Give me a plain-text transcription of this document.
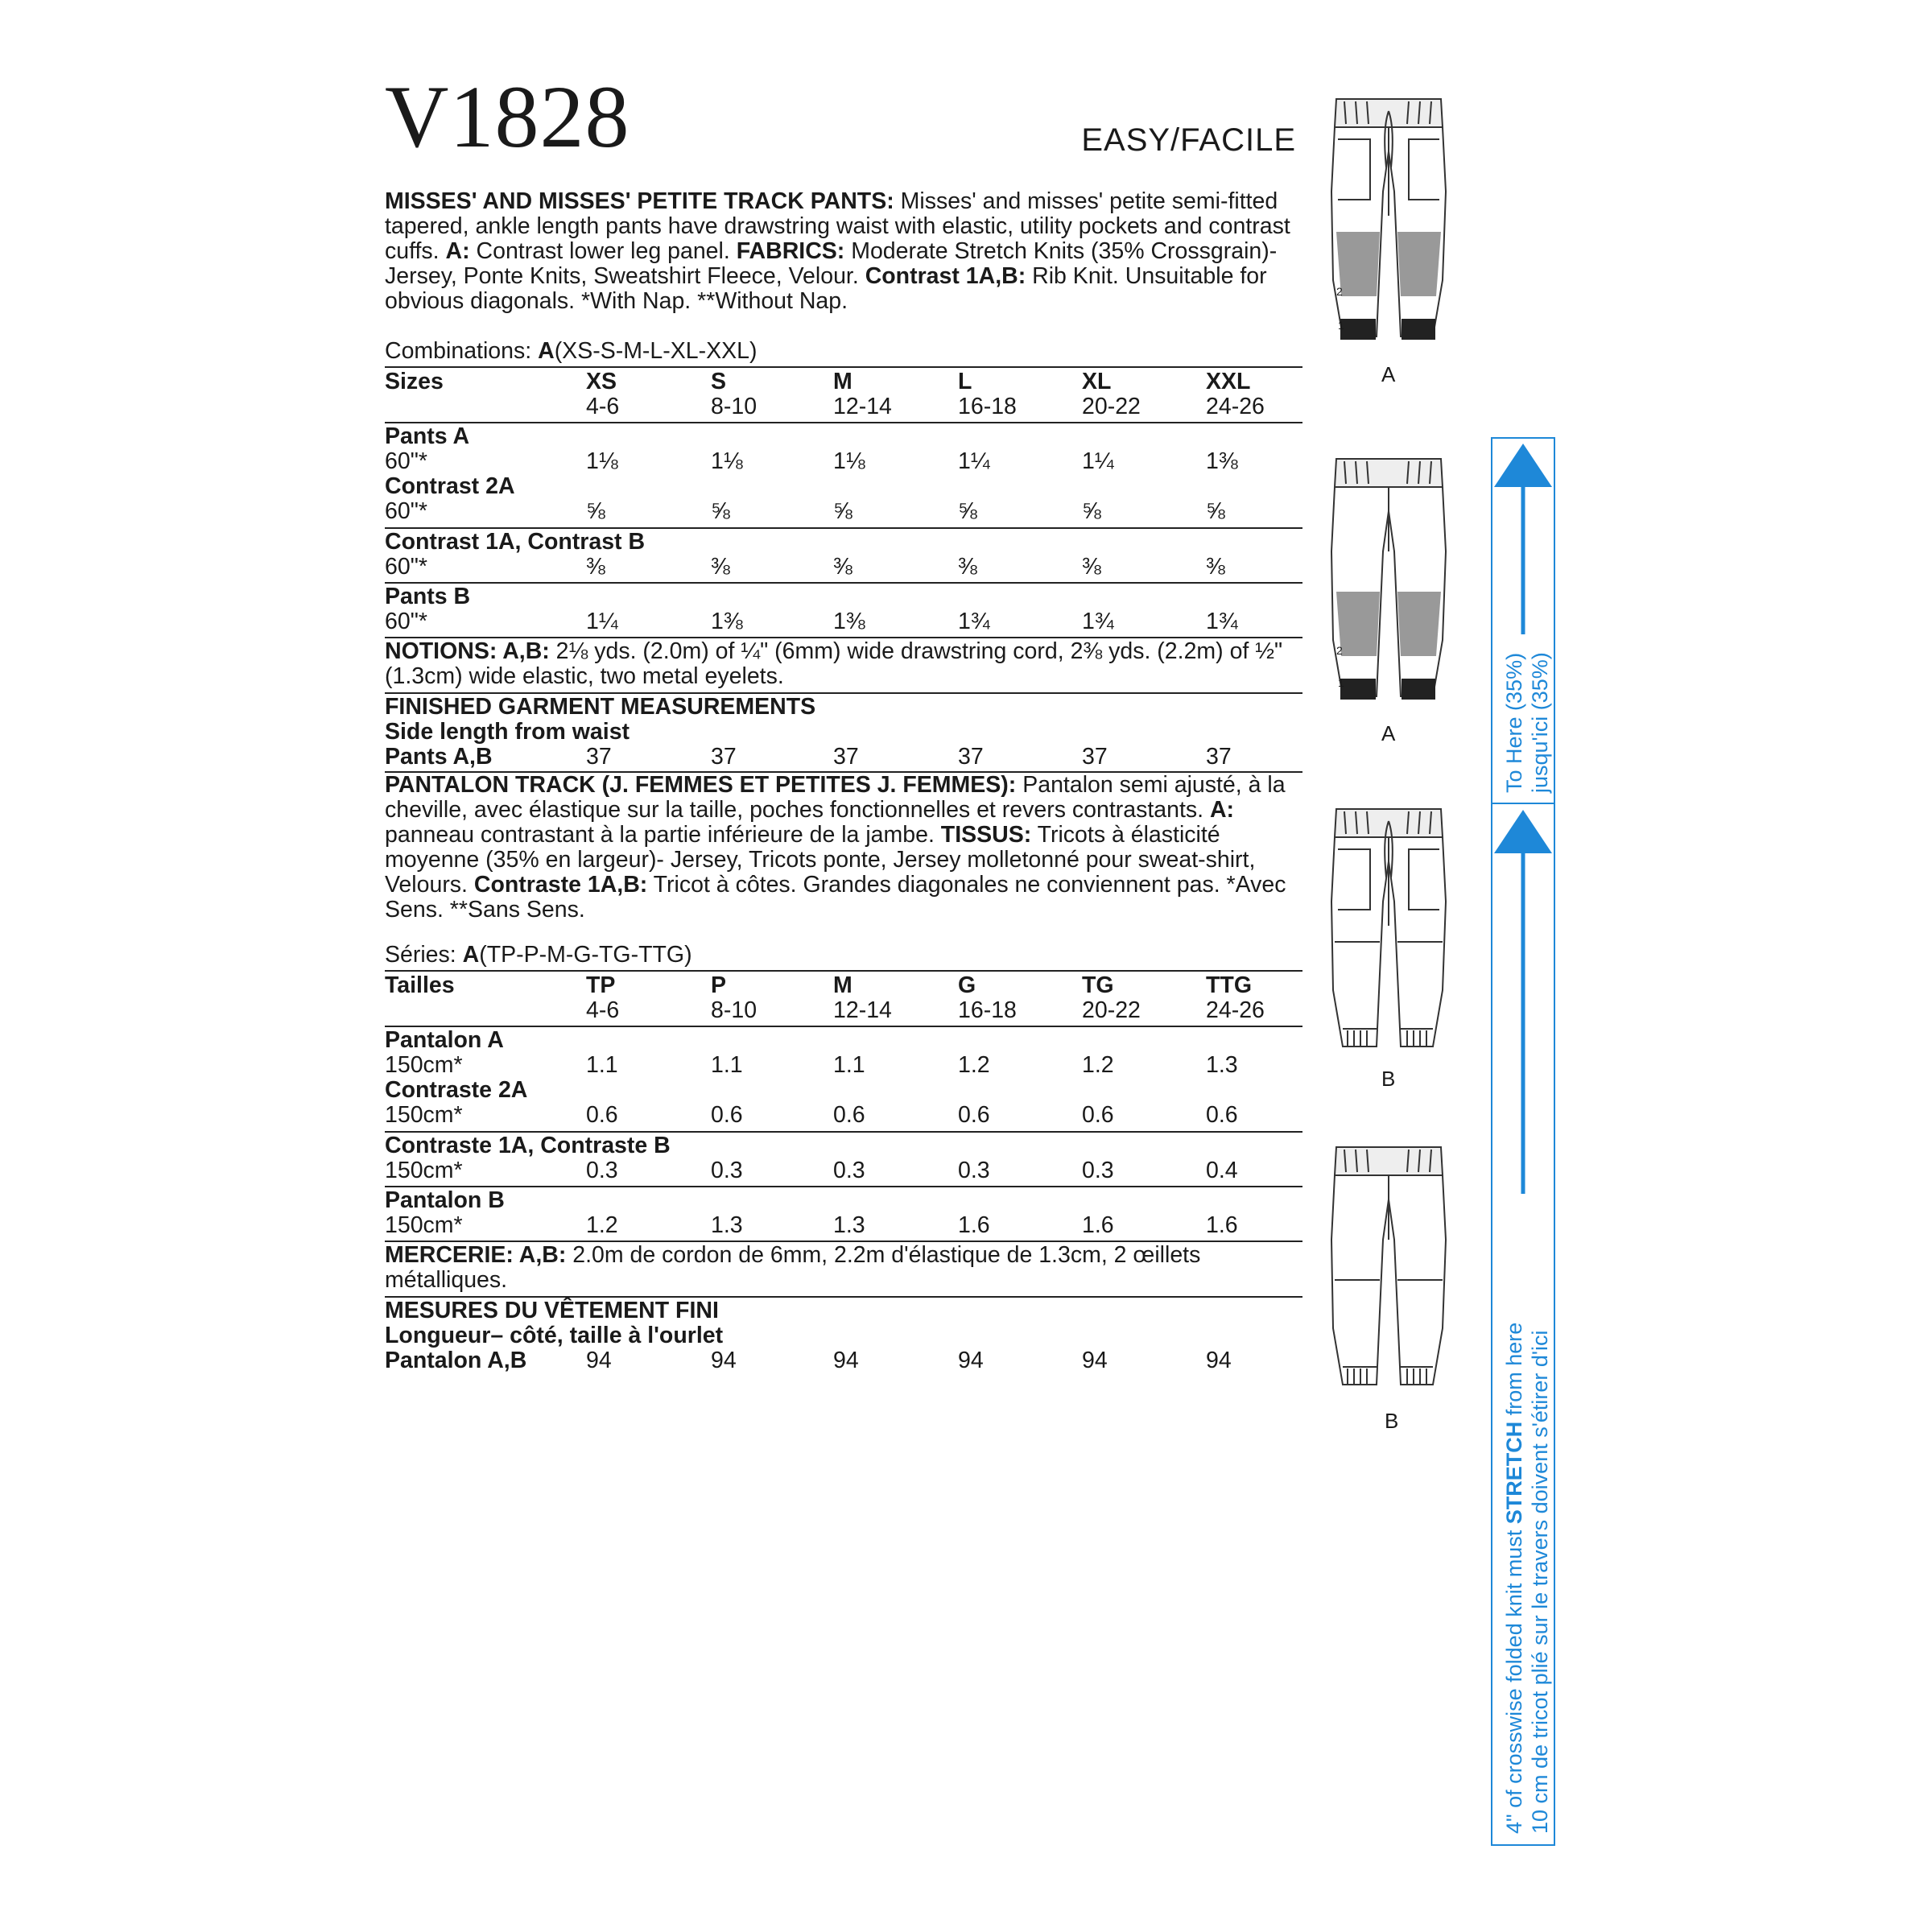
V1828	EASY/FACILE

MISSES' AND MISSES' PETITE TRACK PANTS: Misses' and misses' petite semi-fitted tapered, ankle length pants have drawstring waist with elastic, utility pockets and contrast cuffs. A: Contrast lower leg panel. FABRICS: Moderate Stretch Knits (35% Crossgrain)- Jersey, Ponte Knits, Sweatshirt Fleece, Velour. Contrast 1A,B: Rib Knit. Unsuitable for obvious diagonals. *With Nap. **Without Nap.

Combinations: A(XS-S-M-L-XL-XXL)
Sizes	XS	S	M	L	XL	XXL
4-6	8-10	12-14	16-18	20-22	24-26
Pants A
60"*	1⅛	1⅛	1⅛	1¼	1¼	1⅜
Contrast 2A
60"*	⅝	⅝	⅝	⅝	⅝	⅝
Contrast 1A, Contrast B
60"*	⅜	⅜	⅜	⅜	⅜	⅜
Pants B
60"*	1¼	1⅜	1⅜	1¾	1¾	1¾
NOTIONS: A,B: 2⅛ yds. (2.0m) of ¼" (6mm) wide drawstring cord, 2⅜ yds. (2.2m) of ½" (1.3cm) wide elastic, two metal eyelets.
FINISHED GARMENT MEASUREMENTS
Side length from waist
Pants A,B	37	37	37	37	37	37

PANTALON TRACK (J. FEMMES ET PETITES J. FEMMES): Pantalon semi ajusté, à la cheville, avec élastique sur la taille, poches fonctionnelles et revers contrastants. A: panneau contrastant à la partie inférieure de la jambe. TISSUS: Tricots à élasticité moyenne (35% en largeur)- Jersey, Tricots ponte, Jersey molletonné pour sweat-shirt, Velours. Contraste 1A,B: Tricot à côtes. Grandes diagonales ne conviennent pas. *Avec Sens. **Sans Sens.

Séries: A(TP-P-M-G-TG-TTG)
Tailles	TP	P	M	G	TG	TTG
4-6	8-10	12-14	16-18	20-22	24-26
Pantalon A
150cm*	1.1	1.1	1.1	1.2	1.2	1.3
Contraste 2A
150cm*	0.6	0.6	0.6	0.6	0.6	0.6
Contraste 1A, Contraste B
150cm*	0.3	0.3	0.3	0.3	0.3	0.4
Pantalon B
150cm*	1.2	1.3	1.3	1.6	1.6	1.6
MERCERIE: A,B: 2.0m de cordon de 6mm, 2.2m d'élastique de 1.3cm, 2 œillets métalliques.
MESURES DU VÊTEMENT FINI
Longueur– côté, taille à l'ourlet
Pantalon A,B	94	94	94	94	94	94
2
1
A
2
1
A
B
B
To Here (35%) jusqu'ici (35%)
4" of crosswise folded knit must STRETCH from here 10 cm de tricot plié sur le travers doivent s'étirer d'ici
